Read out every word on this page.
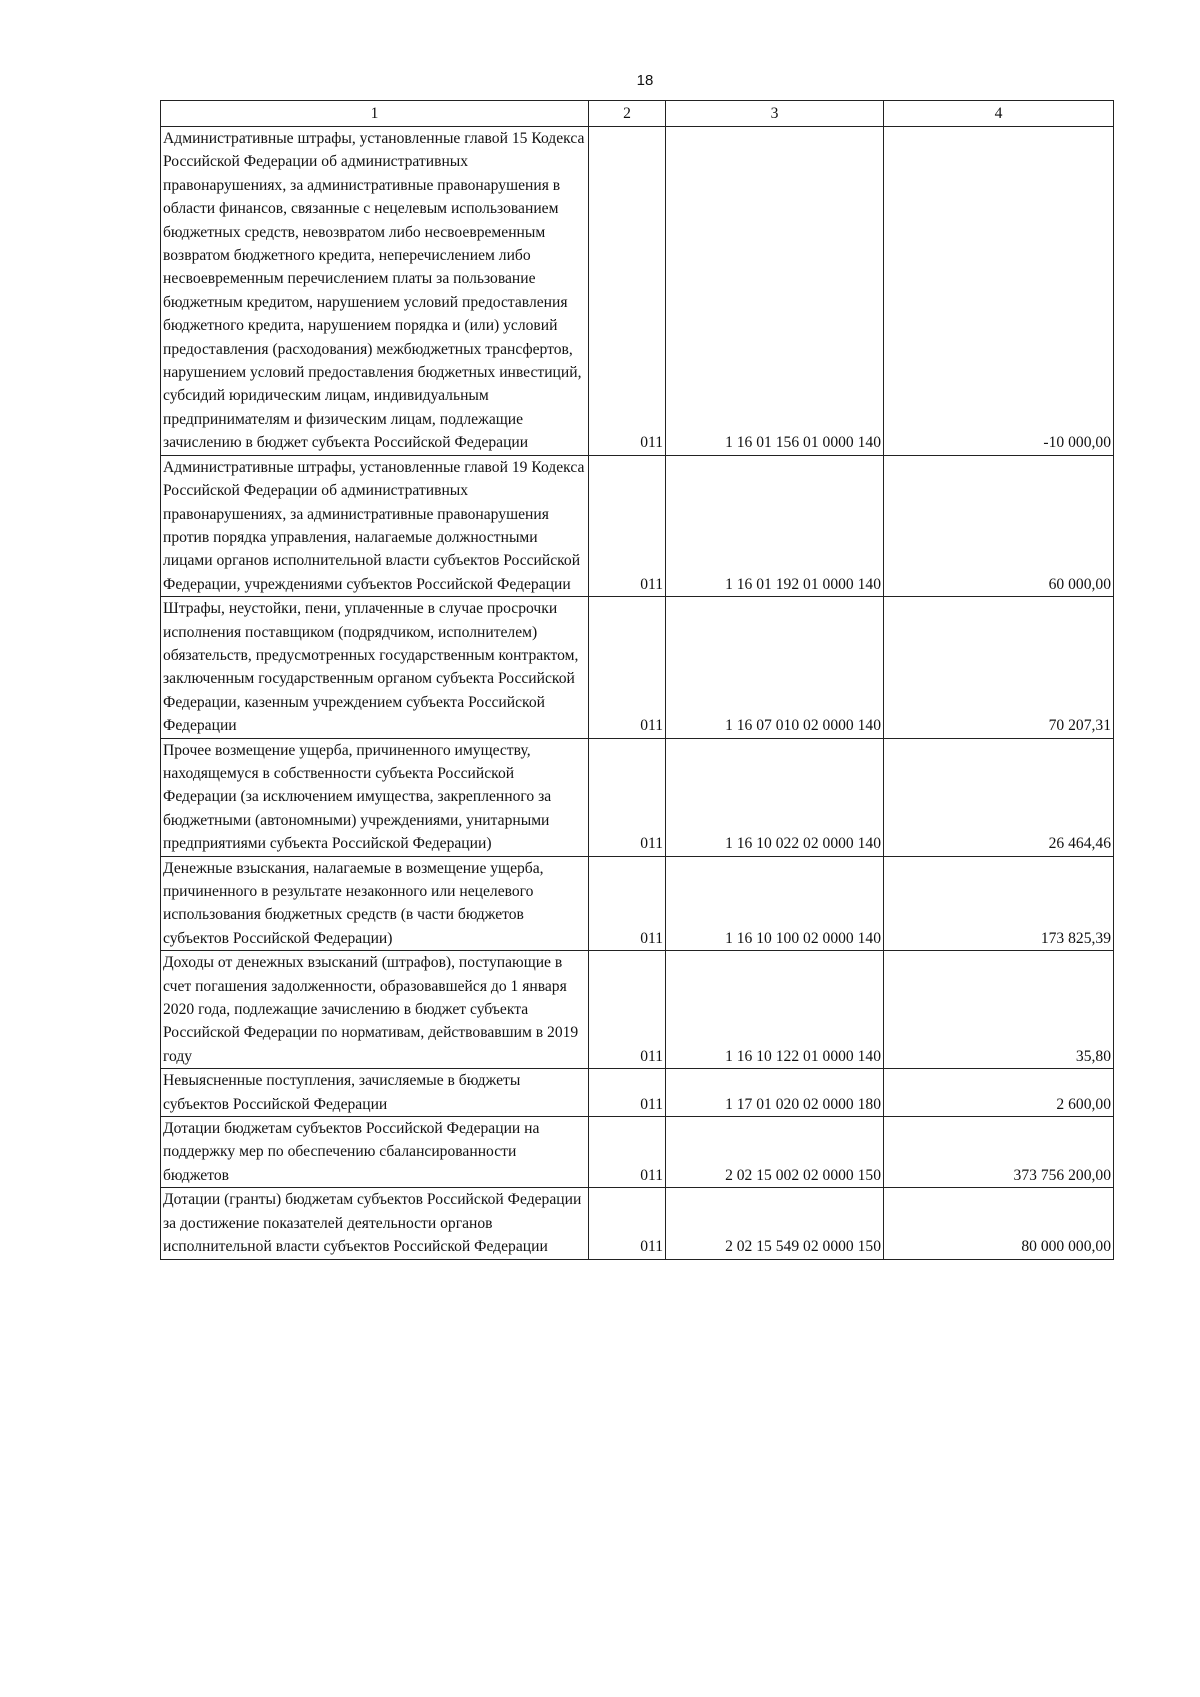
18
1	2	3	4
Административные штрафы, установленные главой 15 Кодекса Российской Федерации об административных правонарушениях, за административные правонарушения в области финансов, связанные с нецелевым использованием бюджетных средств, невозвратом либо несвоевременным возвратом бюджетного кредита, неперечислением либо несвоевременным перечислением платы за пользование бюджетным кредитом, нарушением условий предоставления бюджетного кредита, нарушением порядка и (или) условий предоставления (расходования) межбюджетных трансфертов, нарушением условий предоставления бюджетных инвестиций, субсидий юридическим лицам, индивидуальным предпринимателям и физическим лицам, подлежащие зачислению в бюджет субъекта Российской Федерации	011	1 16 01 156 01 0000 140	-10 000,00
Административные штрафы, установленные главой 19 Кодекса Российской Федерации об административных правонарушениях, за административные правонарушения против порядка управления, налагаемые должностными лицами органов исполнительной власти субъектов Российской Федерации, учреждениями субъектов Российской Федерации	011	1 16 01 192 01 0000 140	60 000,00
Штрафы, неустойки, пени, уплаченные в случае просрочки исполнения поставщиком (подрядчиком, исполнителем) обязательств, предусмотренных государственным контрактом, заключенным государственным органом субъекта Российской Федерации, казенным учреждением субъекта Российской Федерации	011	1 16 07 010 02 0000 140	70 207,31
Прочее возмещение ущерба, причиненного имуществу, находящемуся в собственности субъекта Российской Федерации (за исключением имущества, закрепленного за бюджетными (автономными) учреждениями, унитарными предприятиями субъекта Российской Федерации)	011	1 16 10 022 02 0000 140	26 464,46
Денежные взыскания, налагаемые в возмещение ущерба, причиненного в результате незаконного или нецелевого использования бюджетных средств (в части бюджетов субъектов Российской Федерации)	011	1 16 10 100 02 0000 140	173 825,39
Доходы от денежных взысканий (штрафов), поступающие в счет погашения задолженности, образовавшейся до 1 января 2020 года, подлежащие зачислению в бюджет субъекта Российской Федерации по нормативам, действовавшим в 2019 году	011	1 16 10 122 01 0000 140	35,80
Невыясненные поступления, зачисляемые в бюджеты субъектов Российской Федерации	011	1 17 01 020 02 0000 180	2 600,00
Дотации бюджетам субъектов Российской Федерации на поддержку мер по обеспечению сбалансированности бюджетов	011	2 02 15 002 02 0000 150	373 756 200,00
Дотации (гранты) бюджетам субъектов Российской Федерации за достижение показателей деятельности органов исполнительной власти субъектов Российской Федерации	011	2 02 15 549 02 0000 150	80 000 000,00
